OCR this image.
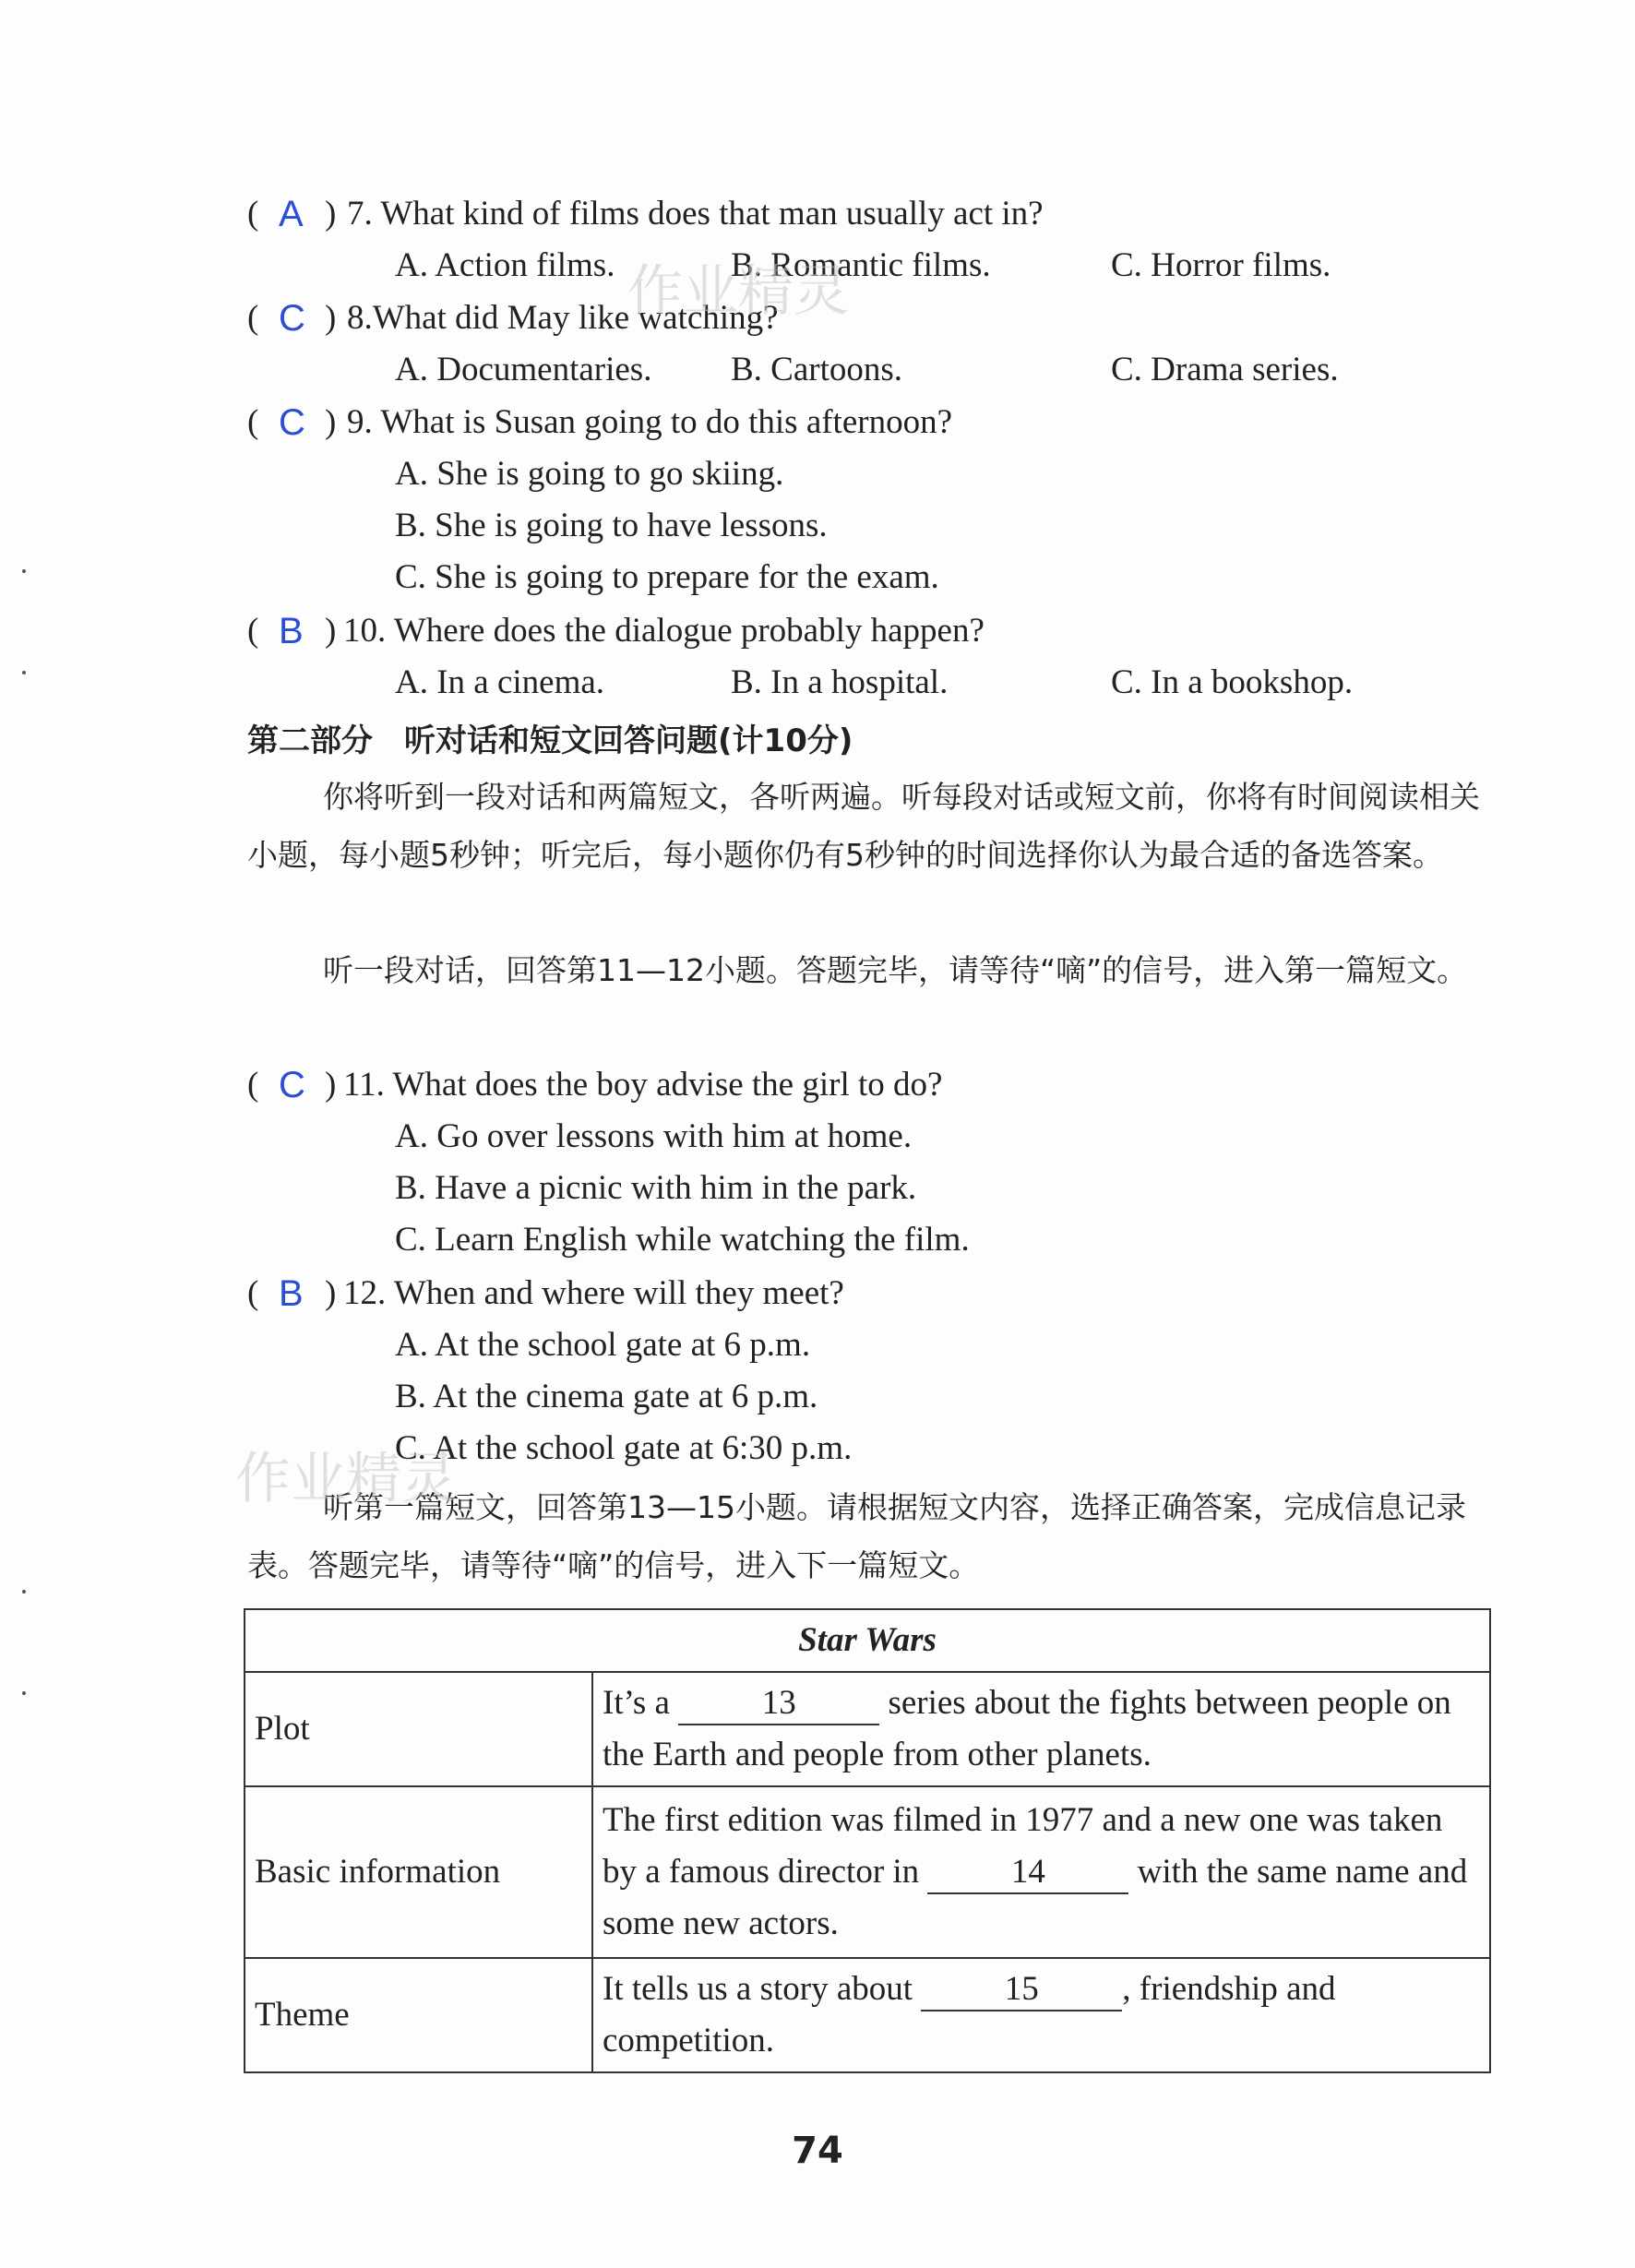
( A ) 7. What kind of films does that man usually act in?
A. Action films.	B. Romantic films.	C. Horror films.
( C ) 8.What did May like watching?
A. Documentaries. B. Cartoons.	C. Drama series.
( C ) 9. What is Susan going to do this afternoon?
A. She is going to go skiing.
B. She is going to have lessons.
C. She is going to prepare for the exam.
( B ) 10. Where does the dialogue probably happen?
A. In a cinema.	B. In a hospital.	C. In a bookshop.
第二部分　听对话和短文回答问题(计10分)
你将听到一段对话和两篇短文，各听两遍。听每段对话或短文前，你将有时间阅读相关小题，每小题5秒钟；听完后，每小题你仍有5秒钟的时间选择你认为最合适的备选答案。
听一段对话，回答第11—12小题。答题完毕，请等待“嘀”的信号，进入第一篇短文。
( C ) 11. What does the boy advise the girl to do?
A. Go over lessons with him at home.
B. Have a picnic with him in the park.
C. Learn English while watching the film.
( B ) 12. When and where will they meet?
A. At the school gate at 6 p.m.
B. At the cinema gate at 6 p.m.
C. At the school gate at 6:30 p.m.
听第一篇短文，回答第13—15小题。请根据短文内容，选择正确答案，完成信息记录表。答题完毕，请等待“嘀”的信号，进入下一篇短文。
Star Wars	
Plot	It’s a 13 series about the fights between people on the Earth and people from other planets.
Basic information	The first edition was filmed in 1977 and a new one was taken by a famous director in 14 with the same name and some new actors.
Theme	It tells us a story about 15 , friendship and competition.
74
作业精灵
作业精灵
